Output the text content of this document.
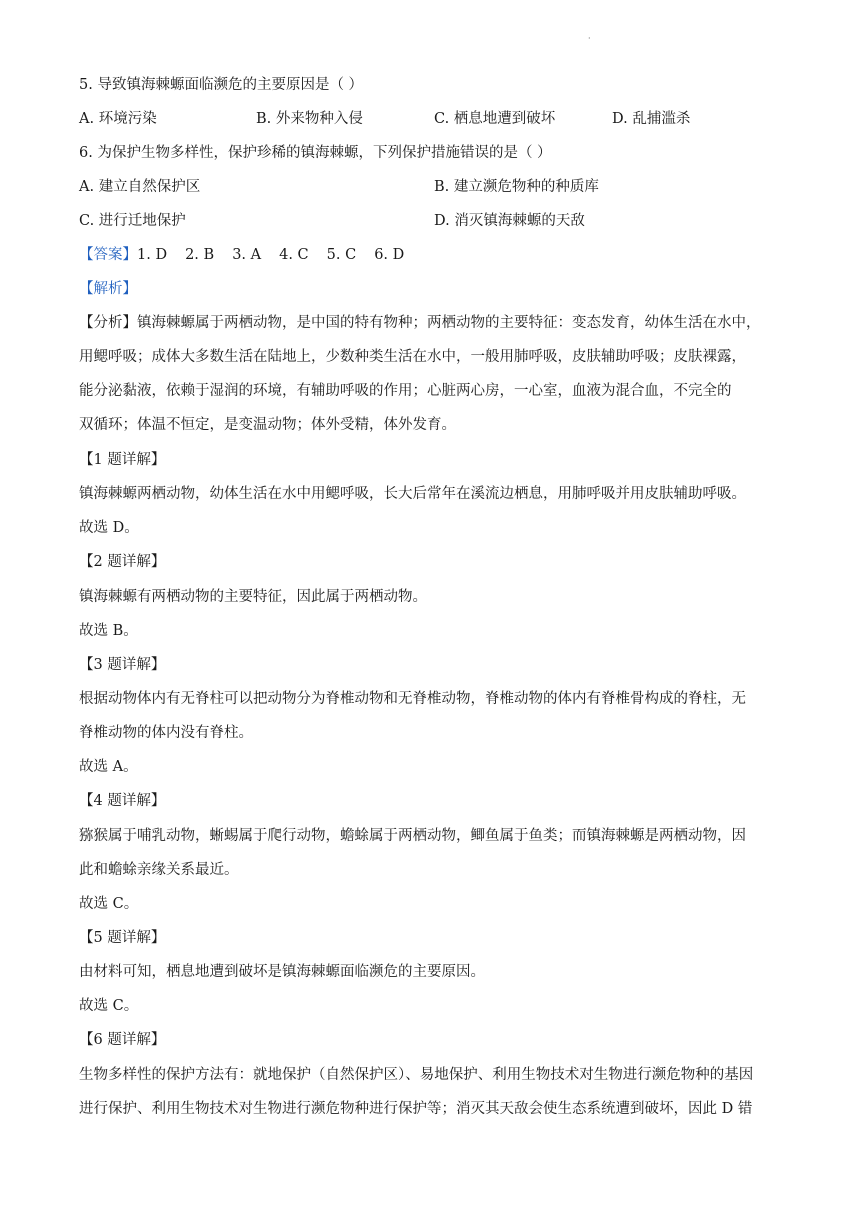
·
5. 导致镇海棘螈面临濒危的主要原因是（ ）
A. 环境污染	B. 外来物种入侵	C. 栖息地遭到破坏	D. 乱捕滥杀
6. 为保护生物多样性，保护珍稀的镇海棘螈，下列保护措施错误的是（ ）
A. 建立自然保护区	B. 建立濒危物种的种质库
C. 进行迁地保护	D. 消灭镇海棘螈的天敌
【答案】1. D 2. B 3. A 4. C 5. C 6. D
【解析】
【分析】镇海棘螈属于两栖动物，是中国的特有物种；两栖动物的主要特征：变态发育，幼体生活在水中，
用鳃呼吸；成体大多数生活在陆地上，少数种类生活在水中，一般用肺呼吸，皮肤辅助呼吸；皮肤裸露，
能分泌黏液，依赖于湿润的环境，有辅助呼吸的作用；心脏两心房，一心室，血液为混合血，不完全的
双循环；体温不恒定，是变温动物；体外受精，体外发育。
【1 题详解】
镇海棘螈两栖动物，幼体生活在水中用鳃呼吸，长大后常年在溪流边栖息，用肺呼吸并用皮肤辅助呼吸。
故选 D。
【2 题详解】
镇海棘螈有两栖动物的主要特征，因此属于两栖动物。
故选 B。
【3 题详解】
根据动物体内有无脊柱可以把动物分为脊椎动物和无脊椎动物，脊椎动物的体内有脊椎骨构成的脊柱，无
脊椎动物的体内没有脊柱。
故选 A。
【4 题详解】
猕猴属于哺乳动物，蜥蜴属于爬行动物，蟾蜍属于两栖动物，鲫鱼属于鱼类；而镇海棘螈是两栖动物，因
此和蟾蜍亲缘关系最近。
故选 C。
【5 题详解】
由材料可知，栖息地遭到破坏是镇海棘螈面临濒危的主要原因。
故选 C。
【6 题详解】
生物多样性的保护方法有：就地保护（自然保护区）、易地保护、利用生物技术对生物进行濒危物种的基因
进行保护、利用生物技术对生物进行濒危物种进行保护等；消灭其天敌会使生态系统遭到破坏，因此 D 错
